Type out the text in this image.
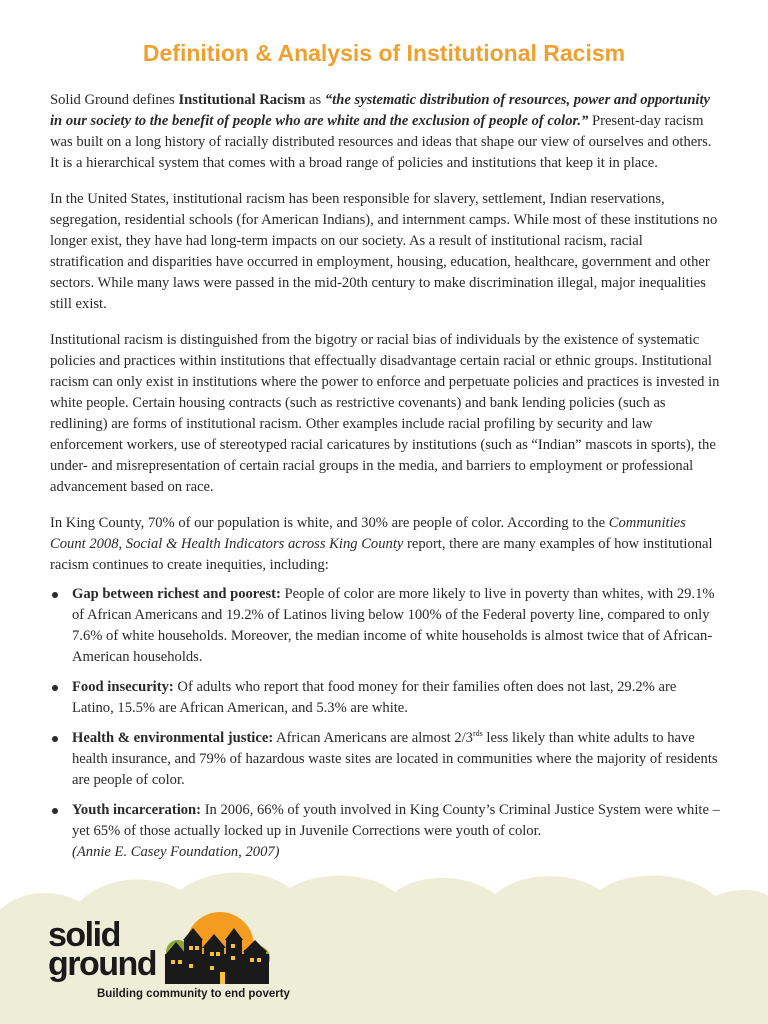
Definition & Analysis of Institutional Racism

Solid Ground defines Institutional Racism as “the systematic distribution of resources, power and opportunity in our society to the benefit of people who are white and the exclusion of people of color.” Present-day racism was built on a long history of racially distributed resources and ideas that shape our view of ourselves and others. It is a hierarchical system that comes with a broad range of policies and institutions that keep it in place.

In the United States, institutional racism has been responsible for slavery, settlement, Indian reservations, segregation, residential schools (for American Indians), and internment camps. While most of these institutions no longer exist, they have had long-term impacts on our society. As a result of institutional racism, racial stratification and disparities have occurred in employment, housing, education, healthcare, government and other sectors. While many laws were passed in the mid-20th century to make discrimination illegal, major inequalities still exist.

Institutional racism is distinguished from the bigotry or racial bias of individuals by the existence of systematic policies and practices within institutions that effectually disadvantage certain racial or ethnic groups. Institutional racism can only exist in institutions where the power to enforce and perpetuate policies and practices is invested in white people. Certain housing contracts (such as restrictive covenants) and bank lending policies (such as redlining) are forms of institutional racism. Other examples include racial profiling by security and law enforcement workers, use of stereotyped racial caricatures by institutions (such as “Indian” mascots in sports), the under- and misrepresentation of certain racial groups in the media, and barriers to employment or professional advancement based on race.

In King County, 70% of our population is white, and 30% are people of color. According to the Communities Count 2008, Social & Health Indicators across King County report, there are many examples of how institutional racism continues to create inequities, including:

Gap between richest and poorest: People of color are more likely to live in poverty than whites, with 29.1% of African Americans and 19.2% of Latinos living below 100% of the Federal poverty line, compared to only 7.6% of white households. Moreover, the median income of white households is almost twice that of African-American households.
Food insecurity: Of adults who report that food money for their families often does not last, 29.2% are Latino, 15.5% are African American, and 5.3% are white.
Health & environmental justice: African Americans are almost $2/3^{rds}$ less likely than white adults to have health insurance, and 79% of hazardous waste sites are located in communities where the majority of residents are people of color.
Youth incarceration: In 2006, 66% of youth involved in King County’s Criminal Justice System were white – yet 65% of those actually locked up in Juvenile Corrections were youth of color.
(Annie E. Casey Foundation, 2007)
solid
ground
Building community to end poverty
